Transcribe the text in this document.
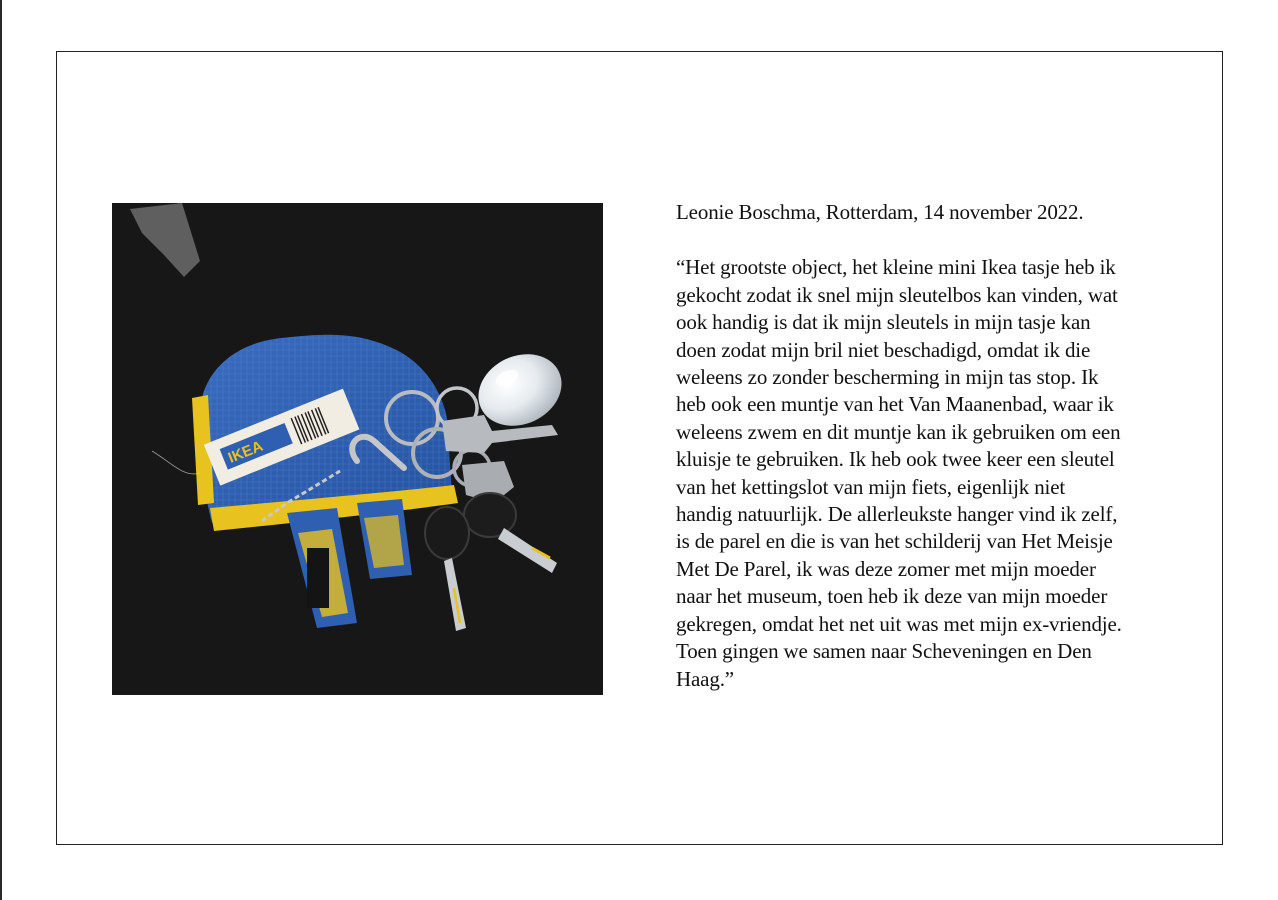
IKEA

Leonie Boschma, Rotterdam, 14 november 2022.

“Het grootste object, het kleine mini Ikea tasje heb ik
gekocht zodat ik snel mijn sleutelbos kan vinden, wat
ook handig is dat ik mijn sleutels in mijn tasje kan
doen zodat mijn bril niet beschadigd, omdat ik die
weleens zo zonder bescherming in mijn tas stop. Ik
heb ook een muntje van het Van Maanenbad, waar ik
weleens zwem en dit muntje kan ik gebruiken om een
kluisje te gebruiken. Ik heb ook twee keer een sleutel
van het kettingslot van mijn fiets, eigenlijk niet
handig natuurlijk. De allerleukste hanger vind ik zelf,
is de parel en die is van het schilderij van Het Meisje
Met De Parel, ik was deze zomer met mijn moeder
naar het museum, toen heb ik deze van mijn moeder
gekregen, omdat het net uit was met mijn ex-vriendje.
Toen gingen we samen naar Scheveningen en Den
Haag.”
